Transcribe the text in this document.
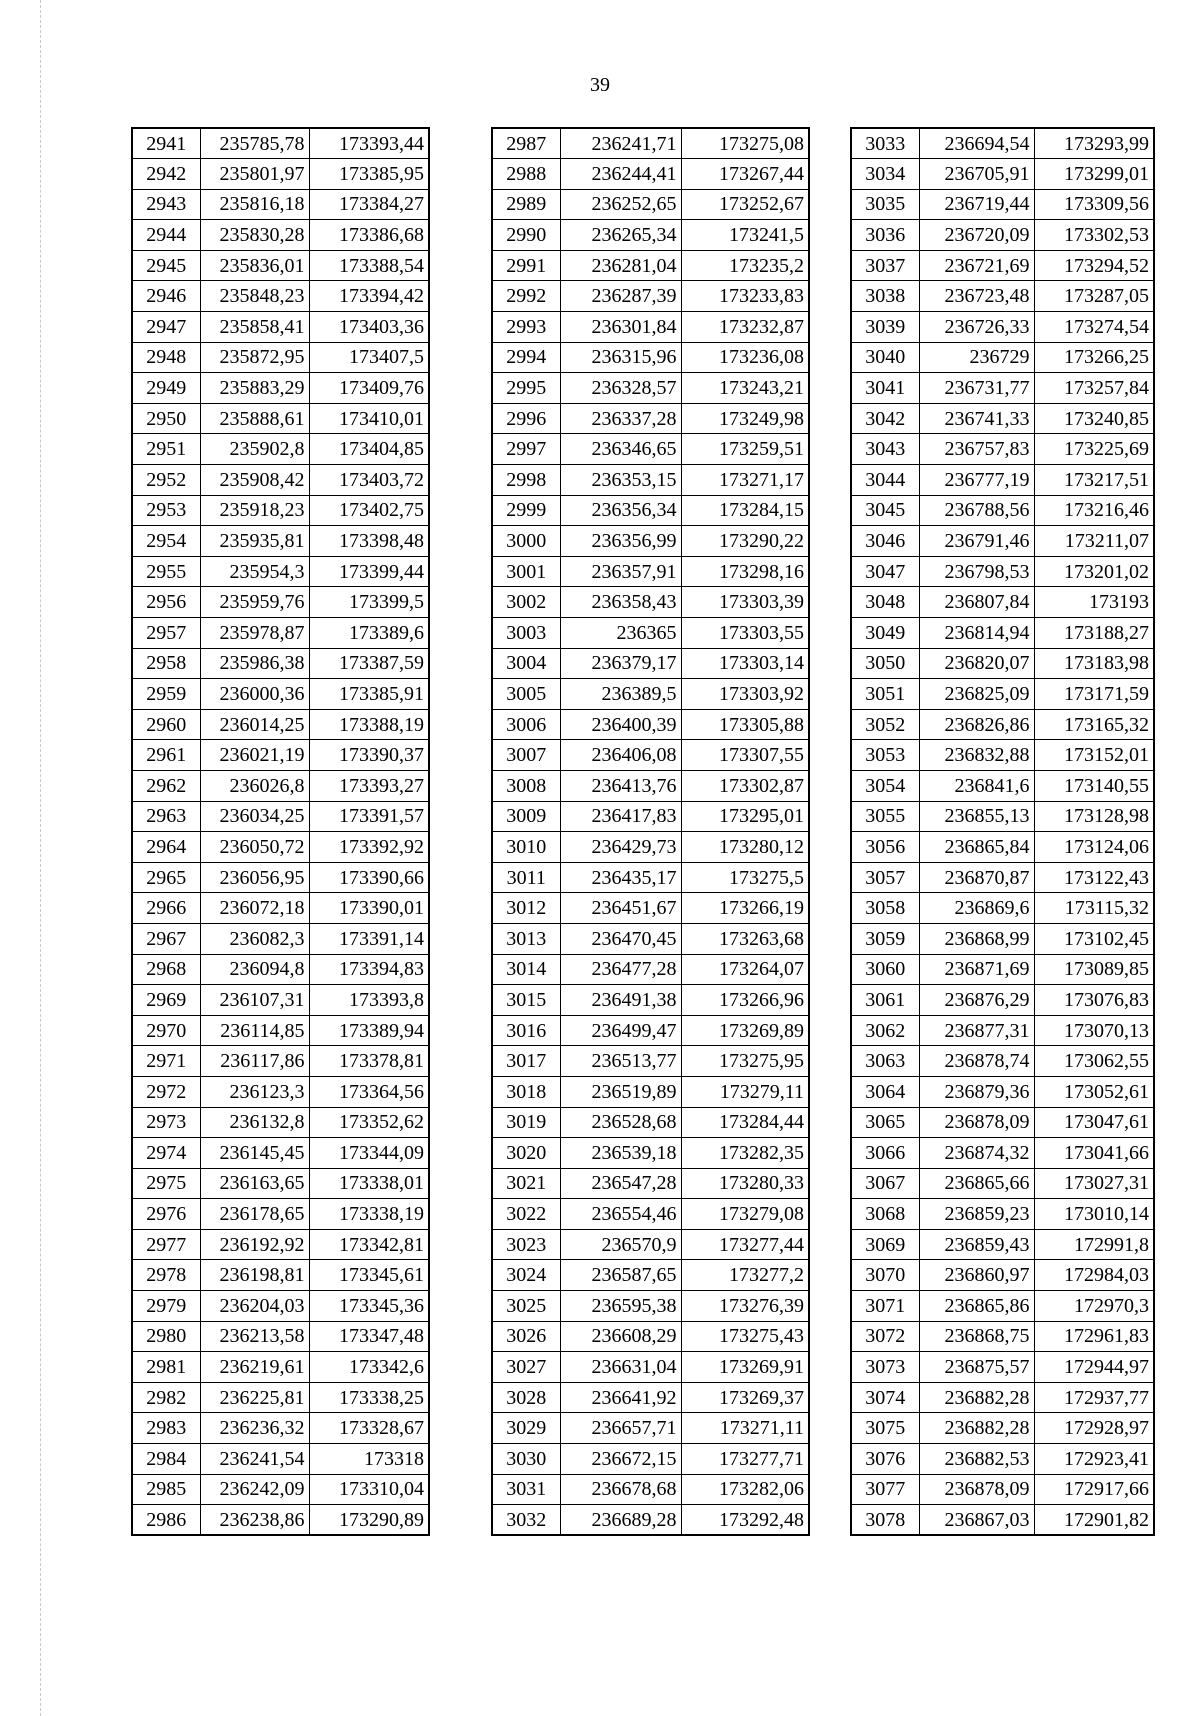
39
2941	235785,78	173393,44
2942	235801,97	173385,95
2943	235816,18	173384,27
2944	235830,28	173386,68
2945	235836,01	173388,54
2946	235848,23	173394,42
2947	235858,41	173403,36
2948	235872,95	173407,5
2949	235883,29	173409,76
2950	235888,61	173410,01
2951	235902,8	173404,85
2952	235908,42	173403,72
2953	235918,23	173402,75
2954	235935,81	173398,48
2955	235954,3	173399,44
2956	235959,76	173399,5
2957	235978,87	173389,6
2958	235986,38	173387,59
2959	236000,36	173385,91
2960	236014,25	173388,19
2961	236021,19	173390,37
2962	236026,8	173393,27
2963	236034,25	173391,57
2964	236050,72	173392,92
2965	236056,95	173390,66
2966	236072,18	173390,01
2967	236082,3	173391,14
2968	236094,8	173394,83
2969	236107,31	173393,8
2970	236114,85	173389,94
2971	236117,86	173378,81
2972	236123,3	173364,56
2973	236132,8	173352,62
2974	236145,45	173344,09
2975	236163,65	173338,01
2976	236178,65	173338,19
2977	236192,92	173342,81
2978	236198,81	173345,61
2979	236204,03	173345,36
2980	236213,58	173347,48
2981	236219,61	173342,6
2982	236225,81	173338,25
2983	236236,32	173328,67
2984	236241,54	173318
2985	236242,09	173310,04
2986	236238,86	173290,89
2987	236241,71	173275,08
2988	236244,41	173267,44
2989	236252,65	173252,67
2990	236265,34	173241,5
2991	236281,04	173235,2
2992	236287,39	173233,83
2993	236301,84	173232,87
2994	236315,96	173236,08
2995	236328,57	173243,21
2996	236337,28	173249,98
2997	236346,65	173259,51
2998	236353,15	173271,17
2999	236356,34	173284,15
3000	236356,99	173290,22
3001	236357,91	173298,16
3002	236358,43	173303,39
3003	236365	173303,55
3004	236379,17	173303,14
3005	236389,5	173303,92
3006	236400,39	173305,88
3007	236406,08	173307,55
3008	236413,76	173302,87
3009	236417,83	173295,01
3010	236429,73	173280,12
3011	236435,17	173275,5
3012	236451,67	173266,19
3013	236470,45	173263,68
3014	236477,28	173264,07
3015	236491,38	173266,96
3016	236499,47	173269,89
3017	236513,77	173275,95
3018	236519,89	173279,11
3019	236528,68	173284,44
3020	236539,18	173282,35
3021	236547,28	173280,33
3022	236554,46	173279,08
3023	236570,9	173277,44
3024	236587,65	173277,2
3025	236595,38	173276,39
3026	236608,29	173275,43
3027	236631,04	173269,91
3028	236641,92	173269,37
3029	236657,71	173271,11
3030	236672,15	173277,71
3031	236678,68	173282,06
3032	236689,28	173292,48
3033	236694,54	173293,99
3034	236705,91	173299,01
3035	236719,44	173309,56
3036	236720,09	173302,53
3037	236721,69	173294,52
3038	236723,48	173287,05
3039	236726,33	173274,54
3040	236729	173266,25
3041	236731,77	173257,84
3042	236741,33	173240,85
3043	236757,83	173225,69
3044	236777,19	173217,51
3045	236788,56	173216,46
3046	236791,46	173211,07
3047	236798,53	173201,02
3048	236807,84	173193
3049	236814,94	173188,27
3050	236820,07	173183,98
3051	236825,09	173171,59
3052	236826,86	173165,32
3053	236832,88	173152,01
3054	236841,6	173140,55
3055	236855,13	173128,98
3056	236865,84	173124,06
3057	236870,87	173122,43
3058	236869,6	173115,32
3059	236868,99	173102,45
3060	236871,69	173089,85
3061	236876,29	173076,83
3062	236877,31	173070,13
3063	236878,74	173062,55
3064	236879,36	173052,61
3065	236878,09	173047,61
3066	236874,32	173041,66
3067	236865,66	173027,31
3068	236859,23	173010,14
3069	236859,43	172991,8
3070	236860,97	172984,03
3071	236865,86	172970,3
3072	236868,75	172961,83
3073	236875,57	172944,97
3074	236882,28	172937,77
3075	236882,28	172928,97
3076	236882,53	172923,41
3077	236878,09	172917,66
3078	236867,03	172901,82
